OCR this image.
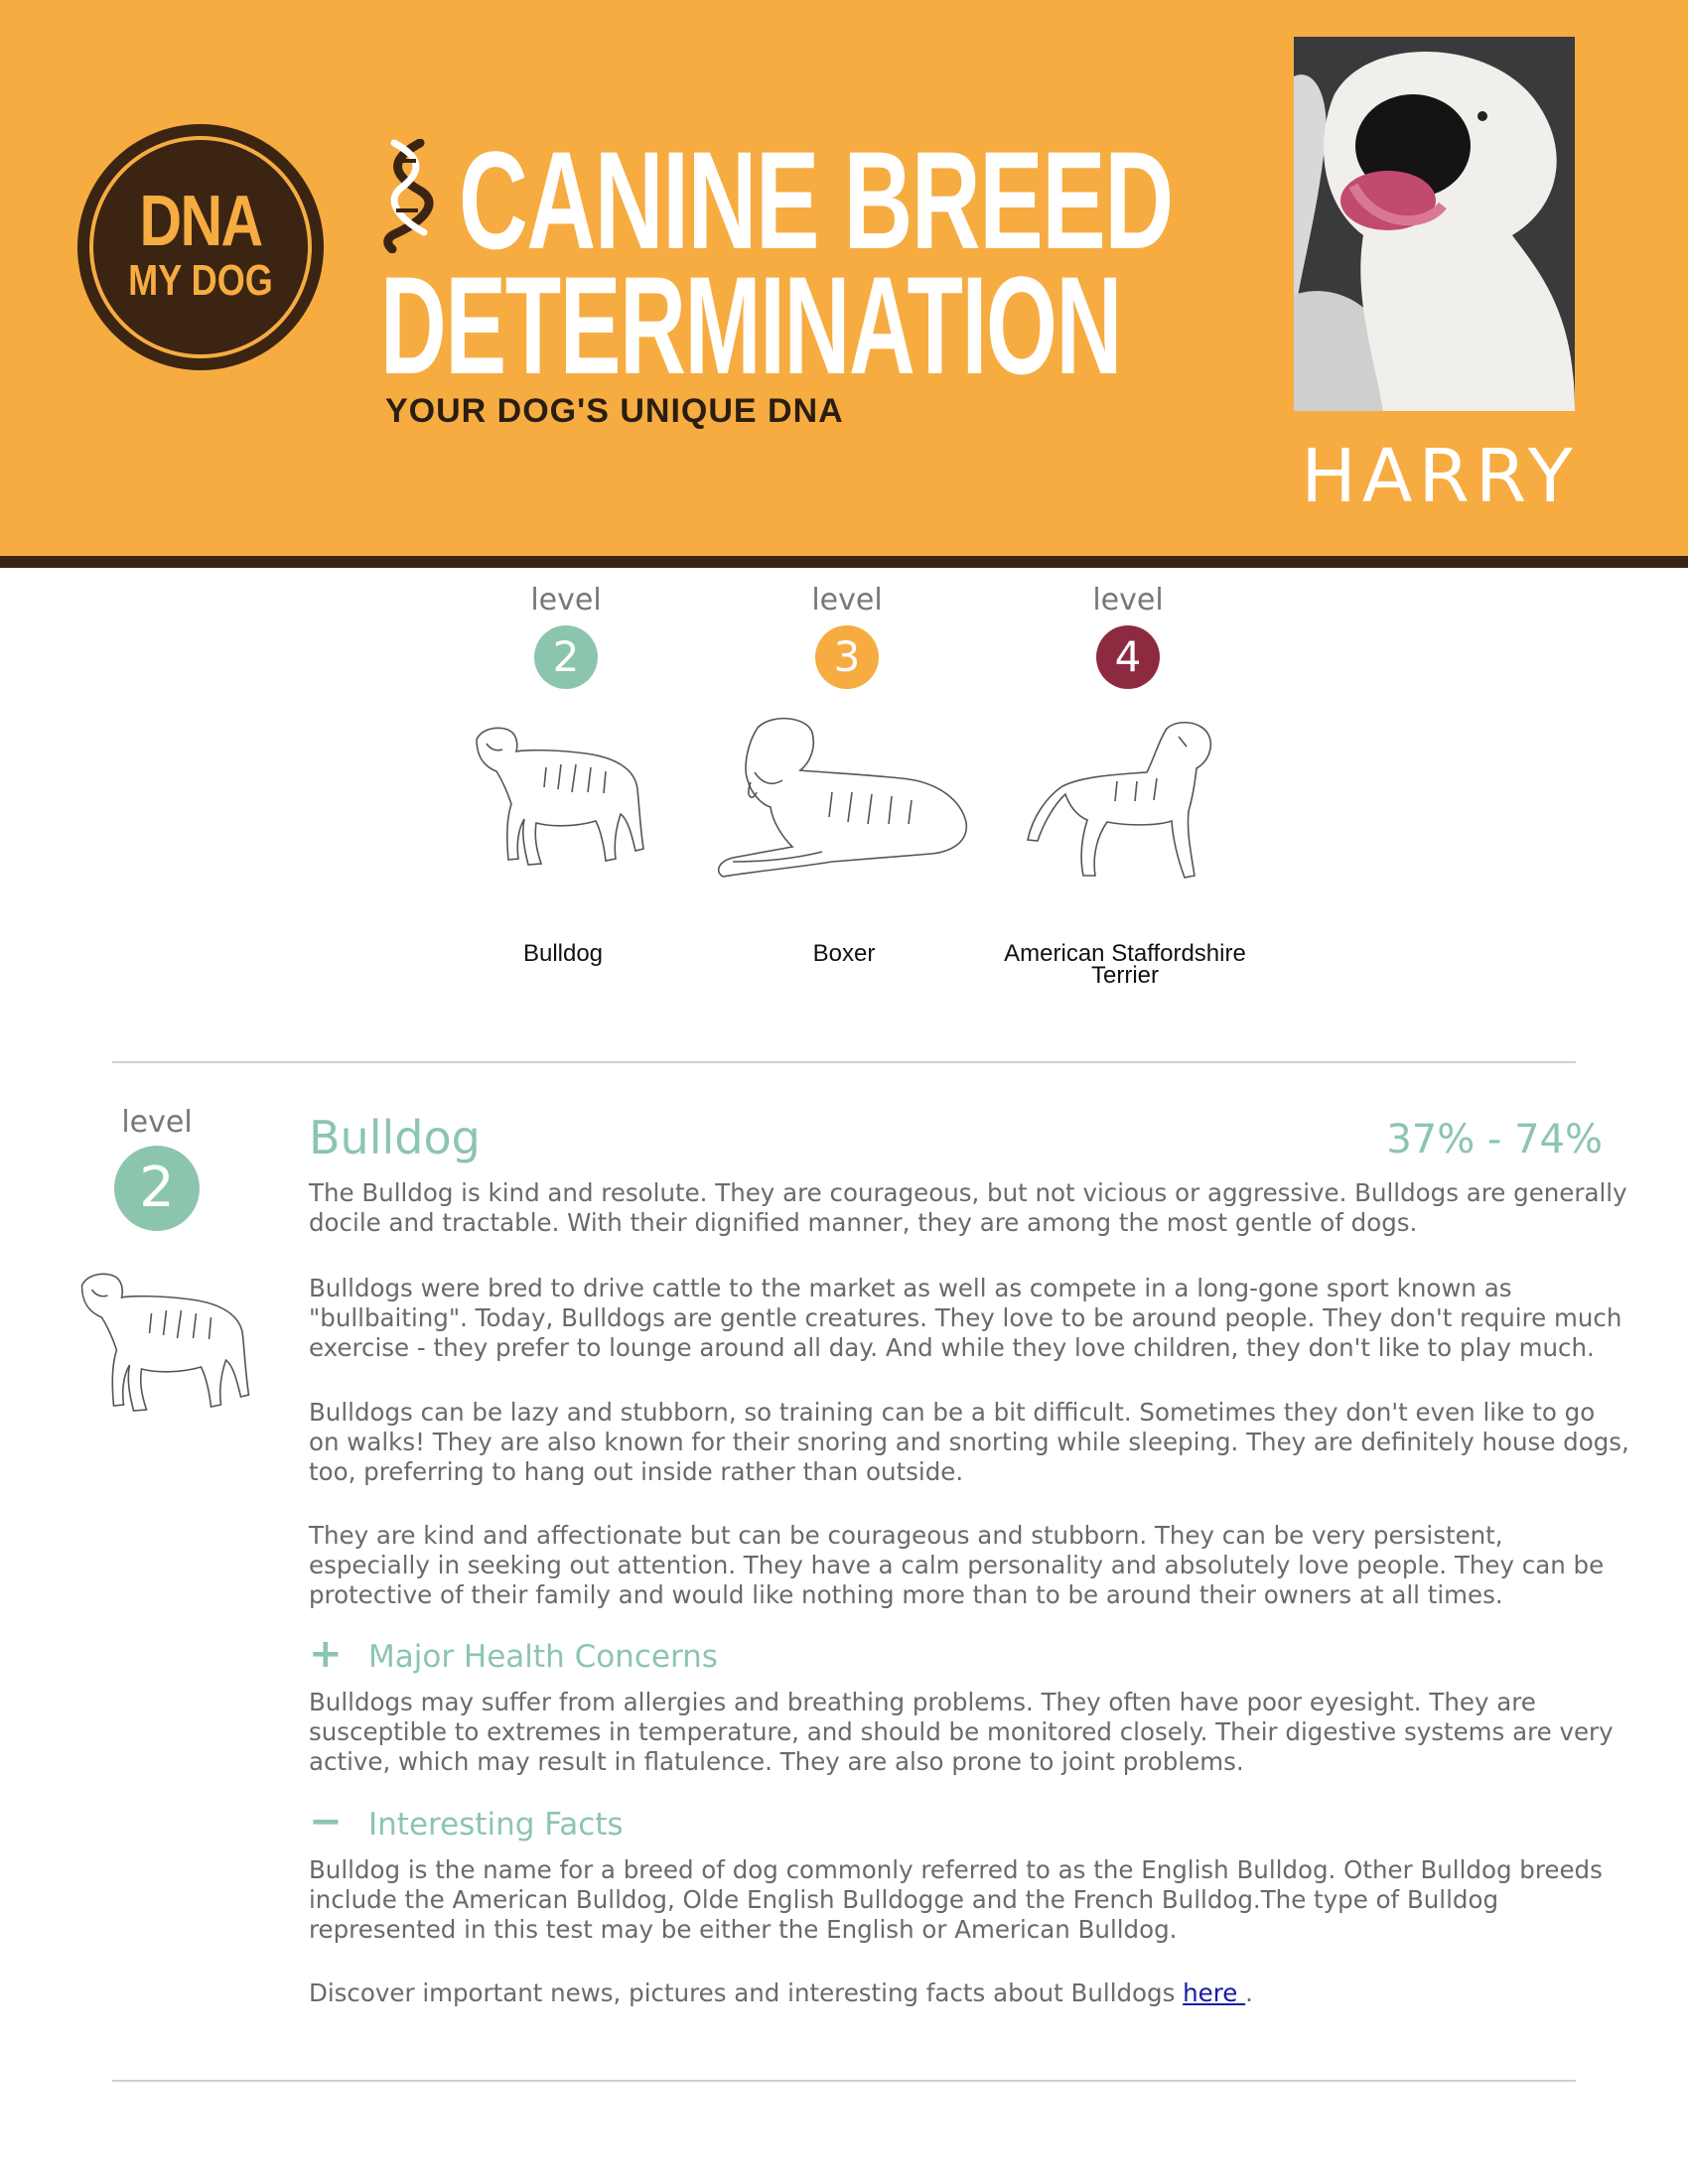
DNA
MY DOG
CANINE BREED
DETERMINATION
YOUR DOG'S UNIQUE DNA
HARRY
level
2
level
3
level
4
Bulldog	Boxer	American Staffordshire
Terrier
level
2
Bulldog	37% - 74%

The Bulldog is kind and resolute. They are courageous, but not vicious or aggressive. Bulldogs are generally docile and tractable. With their dignified manner, they are among the most gentle of dogs.

Bulldogs were bred to drive cattle to the market as well as compete in a long-gone sport known as "bullbaiting". Today, Bulldogs are gentle creatures. They love to be around people. They don't require much exercise - they prefer to lounge around all day. And while they love children, they don't like to play much.

Bulldogs can be lazy and stubborn, so training can be a bit difficult. Sometimes they don't even like to go on walks! They are also known for their snoring and snorting while sleeping. They are definitely house dogs, too, preferring to hang out inside rather than outside.

They are kind and affectionate but can be courageous and stubborn. They can be very persistent, especially in seeking out attention. They have a calm personality and absolutely love people. They can be protective of their family and would like nothing more than to be around their owners at all times.

+ Major Health Concerns

Bulldogs may suffer from allergies and breathing problems. They often have poor eyesight. They are susceptible to extremes in temperature, and should be monitored closely. Their digestive systems are very active, which may result in flatulence. They are also prone to joint problems.

− Interesting Facts

Bulldog is the name for a breed of dog commonly referred to as the English Bulldog. Other Bulldog breeds include the American Bulldog, Olde English Bulldogge and the French Bulldog.The type of Bulldog represented in this test may be either the English or American Bulldog.

Discover important news, pictures and interesting facts about Bulldogs here .
